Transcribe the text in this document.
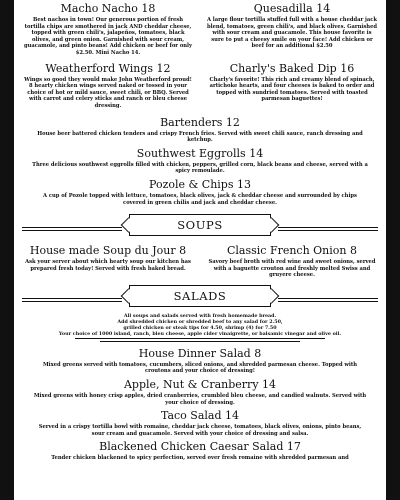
Macho Nacho 18

Best nachos in town! Our generous portion of fresh tortilla chips are smothered in jack AND cheddar cheese, topped with green chili's, jalapeños, tomatoes, black olives, and green onion. Garnished with sour cream, guacamole, and pinto beans! Add chicken or beef for only $2.50. Mini Nacho 14.

Quesadilla 14

A large flour tortilla stuffed full with a house cheddar jack blend, tomatoes, green chili's, and black olives. Garnished with sour cream and guacamole. This house favorite is sure to put a cheesy smile on your face! Add chicken or beef for an additional $2.50

Weatherford Wings 12

Wings so good they would make John Weatherford proud! 8 hearty chicken wings served naked or tossed in your choice of hot or mild sauce, sweet chili, or BBQ. Served with carrot and celery sticks and ranch or bleu cheese dressing.

Charly's Baked Dip 16

Charly's favorite! This rich and creamy blend of spinach, artichoke hearts, and four cheeses is baked to order and topped with sundried tomatoes. Served with toasted parmesan baguettes!

Bartenders 12

House beer battered chicken tenders and crispy French fries. Served with sweet chili sauce, ranch dressing and ketchup.

Southwest Eggrolls 14

Three delicious southwest eggrolls filled with chicken, peppers, grilled corn, black beans and cheese, served with a spicy remoulade.

Pozole & Chips 13

A cup of Pozole topped with lettuce, tomatoes, black olives, jack & cheddar cheese and surrounded by chips covered in green chilis and jack and cheddar cheese.

SOUPS

House made Soup du Jour 8

Ask your server about which hearty soup our kitchen has prepared fresh today! Served with fresh baked bread.

Classic French Onion 8

Savory beef broth with red wine and sweet onions, served with a baguette crouton and freshly melted Swiss and gruyere cheese.

SALADS

All soups and salads served with fresh homemade bread.

Add shredded chicken or shredded beef to any salad for 2.50,

grilled chicken or steak tips for 4.50, shrimp (4) for 7.50

Your choice of 1000 island, ranch, bleu cheese, apple cider vinaigrette, or balsamic vinegar and olive oil.

House Dinner Salad 8

Mixed greens served with tomatoes, cucumbers, sliced onions, and shredded parmesan cheese. Topped with croutons and your choice of dressing!

Apple, Nut & Cranberry 14

Mixed greens with honey crisp apples, dried cranberries, crumbled bleu cheese, and candied walnuts. Served with your choice of dressing.

Taco Salad 14

Served in a crispy tortilla bowl with romaine, cheddar jack cheese, tomatoes, black olives, onions, pinto beans, sour cream and guacamole. Served with your choice of dressing and salsa.

Blackened Chicken Caesar Salad 17

Tender chicken blackened to spicy perfection, served over fresh romaine with shredded parmesan and
